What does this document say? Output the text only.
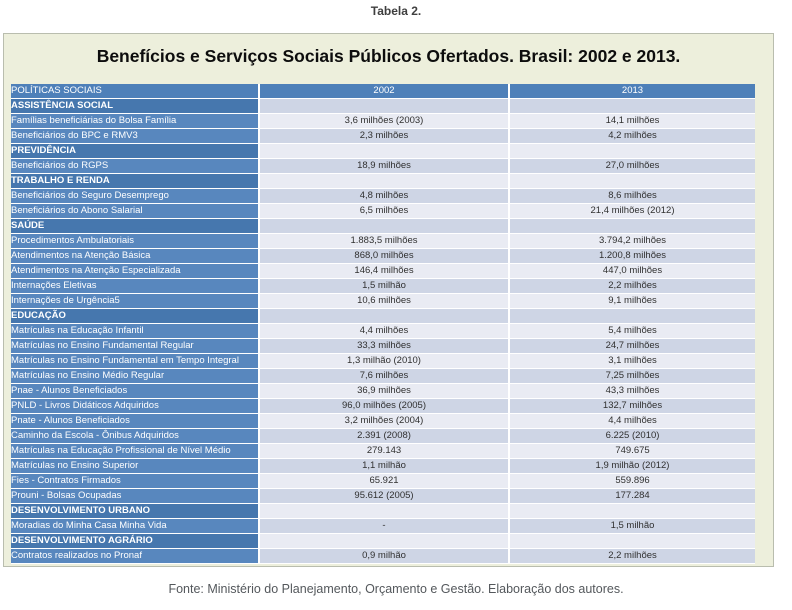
Tabela 2.
Benefícios e Serviços Sociais Públicos Ofertados. Brasil: 2002 e 2013.
POLÍTICAS SOCIAIS	2002	2013
ASSISTÊNCIA SOCIAL		
Famílias beneficiárias do Bolsa Família	3,6 milhões (2003)	14,1 milhões
Beneficiários do BPC e RMV3	2,3 milhões	4,2 milhões
PREVIDÊNCIA		
Beneficiários do RGPS	18,9 milhões	27,0 milhões
TRABALHO E RENDA		
Beneficiários do Seguro Desemprego	4,8 milhões	8,6 milhões
Beneficiários do Abono Salarial	6,5 milhões	21,4 milhões (2012)
SAÚDE		
Procedimentos Ambulatoriais	1.883,5 milhões	3.794,2 milhões
Atendimentos na Atenção Básica	868,0 milhões	1.200,8 milhões
Atendimentos na Atenção Especializada	146,4 milhões	447,0 milhões
Internações Eletivas	1,5 milhão	2,2 milhões
Internações de Urgência5	10,6 milhões	9,1 milhões
EDUCAÇÃO		
Matrículas na Educação Infantil	4,4 milhões	5,4 milhões
Matrículas no Ensino Fundamental Regular	33,3 milhões	24,7 milhões
Matrículas no Ensino Fundamental em Tempo Integral	1,3 milhão (2010)	3,1 milhões
Matrículas no Ensino Médio Regular	7,6 milhões	7,25 milhões
Pnae - Alunos Beneficiados	36,9 milhões	43,3 milhões
PNLD - Livros Didáticos Adquiridos	96,0 milhões (2005)	132,7 milhões
Pnate - Alunos Beneficiados	3,2 milhões (2004)	4,4 milhões
Caminho da Escola - Ônibus Adquiridos	2.391 (2008)	6.225 (2010)
Matrículas na Educação Profissional de Nível Médio	279.143	749.675
Matrículas no Ensino Superior	1,1 milhão	1,9 milhão (2012)
Fies - Contratos Firmados	65.921	559.896
Prouni - Bolsas Ocupadas	95.612 (2005)	177.284
DESENVOLVIMENTO URBANO		
Moradias do Minha Casa Minha Vida	-	1,5 milhão
DESENVOLVIMENTO AGRÁRIO		
Contratos realizados no Pronaf	0,9 milhão	2,2 milhões
Fonte: Ministério do Planejamento, Orçamento e Gestão. Elaboração dos autores.
